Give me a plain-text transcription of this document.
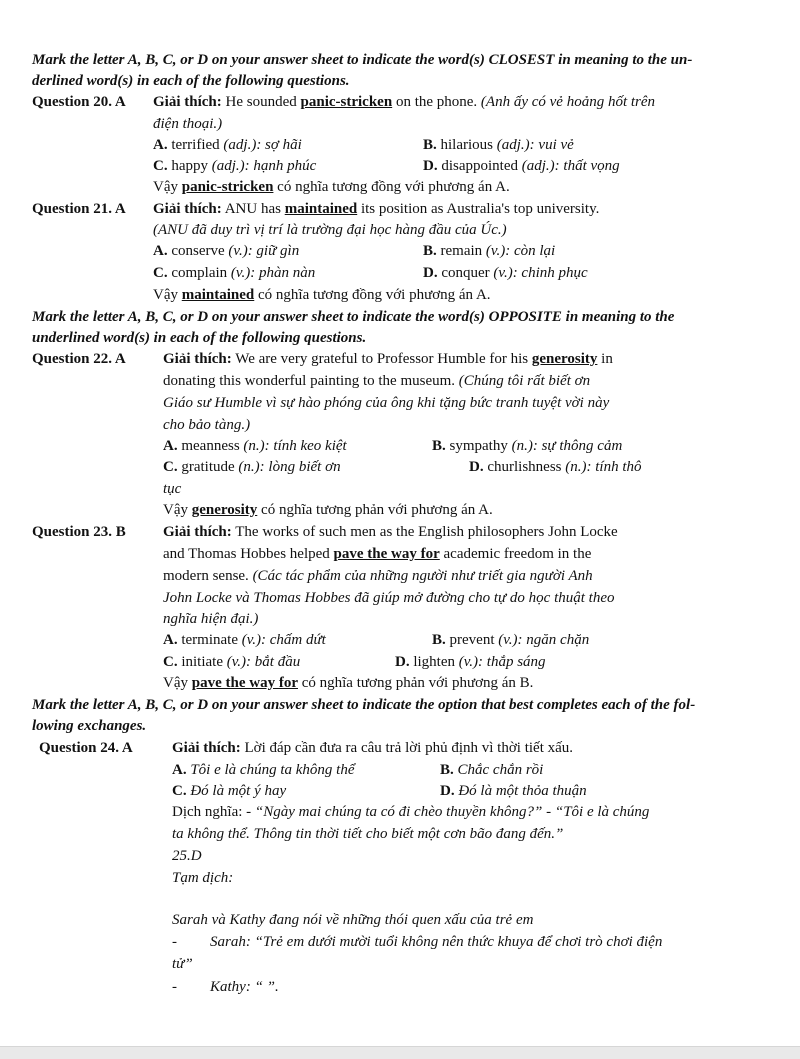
Mark the letter A, B, C, or D on your answer sheet to indicate the word(s) CLOSEST in meaning to the un-
derlined word(s) in each of the following questions.
Question 20. A Giải thích: He sounded panic-stricken on the phone. (Anh ấy có vẻ hoảng hốt trên
điện thoại.)
A. terrified (adj.): sợ hãi	B. hilarious (adj.): vui vẻ
C. happy (adj.): hạnh phúc	D. disappointed (adj.): thất vọng
Vậy panic-stricken có nghĩa tương đồng với phương án A.
Question 21. A Giải thích: ANU has maintained its position as Australia's top university.
(ANU đã duy trì vị trí là trường đại học hàng đầu của Úc.)
A. conserve (v.): giữ gìn	B. remain (v.): còn lại
C. complain (v.): phàn nàn	D. conquer (v.): chinh phục
Vậy maintained có nghĩa tương đồng với phương án A.
Mark the letter A, B, C, or D on your answer sheet to indicate the word(s) OPPOSITE in meaning to the
underlined word(s) in each of the following questions.
Question 22. A Giải thích: We are very grateful to Professor Humble for his generosity in
donating this wonderful painting to the museum. (Chúng tôi rất biết ơn
Giáo sư Humble vì sự hào phóng của ông khi tặng bức tranh tuyệt vời này
cho bảo tàng.)
A. meanness (n.): tính keo kiệt	B. sympathy (n.): sự thông cảm
C. gratitude (n.): lòng biết ơn	D. churlishness (n.): tính thô
tục
Vậy generosity có nghĩa tương phản với phương án A.
Question 23. B Giải thích: The works of such men as the English philosophers John Locke
and Thomas Hobbes helped pave the way for academic freedom in the
modern sense. (Các tác phẩm của những người như triết gia người Anh
John Locke và Thomas Hobbes đã giúp mở đường cho tự do học thuật theo
nghĩa hiện đại.)
A. terminate (v.): chấm dứt	B. prevent (v.): ngăn chặn
C. initiate (v.): bắt đầu	D. lighten (v.): thắp sáng
Vậy pave the way for có nghĩa tương phản với phương án B.
Mark the letter A, B, C, or D on your answer sheet to indicate the option that best completes each of the fol-
lowing exchanges.
Question 24. A	Giải thích: Lời đáp cần đưa ra câu trả lời phủ định vì thời tiết xấu.
A. Tôi e là chúng ta không thể	B. Chắc chắn rồi
C. Đó là một ý hay	D. Đó là một thỏa thuận
Dịch nghĩa: - “Ngày mai chúng ta có đi chèo thuyền không?” - “Tôi e là chúng
ta không thể. Thông tin thời tiết cho biết một cơn bão đang đến.”
25.D
Tạm dịch:
Sarah và Kathy đang nói về những thói quen xấu của trẻ em
- Sarah: “Trẻ em dưới mười tuổi không nên thức khuya để chơi trò chơi điện
tử”
- Kathy: “ ”.
